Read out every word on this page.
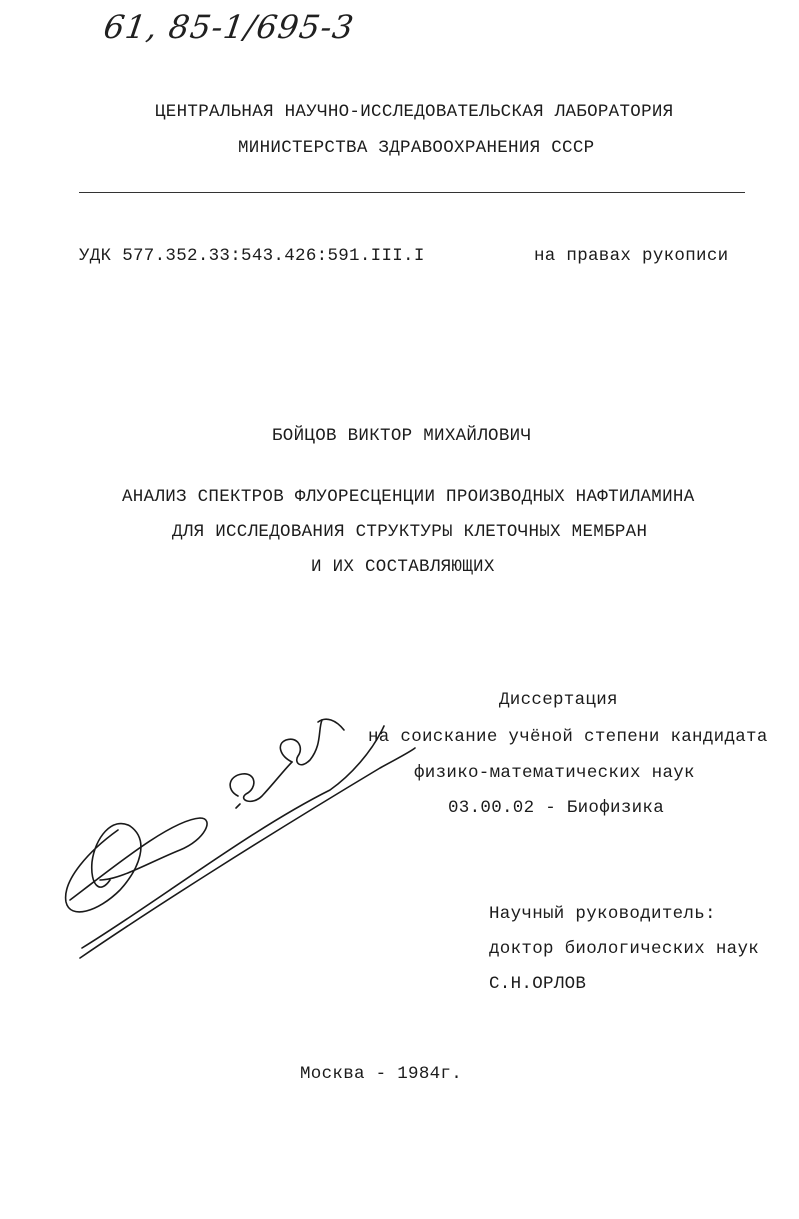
61, 85-1/695-3
ЦЕНТРАЛЬНАЯ НАУЧНО-ИССЛЕДОВАТЕЛЬСКАЯ ЛАБОРАТОРИЯ
МИНИСТЕРСТВА ЗДРАВООХРАНЕНИЯ СССР
УДК 577.352.33:543.426:591.III.I	на правах рукописи
БОЙЦОВ ВИКТОР МИХАЙЛОВИЧ
АНАЛИЗ СПЕКТРОВ ФЛУОРЕСЦЕНЦИИ ПРОИЗВОДНЫХ НАФТИЛАМИНА
ДЛЯ ИССЛЕДОВАНИЯ СТРУКТУРЫ КЛЕТОЧНЫХ МЕМБРАН
И ИХ СОСТАВЛЯЮЩИХ
Диссертация
на соискание учёной степени кандидата
физико-математических наук
03.00.02 - Биофизика
Научный руководитель:
доктор биологических наук
С.Н.ОРЛОВ
Москва - 1984г.
